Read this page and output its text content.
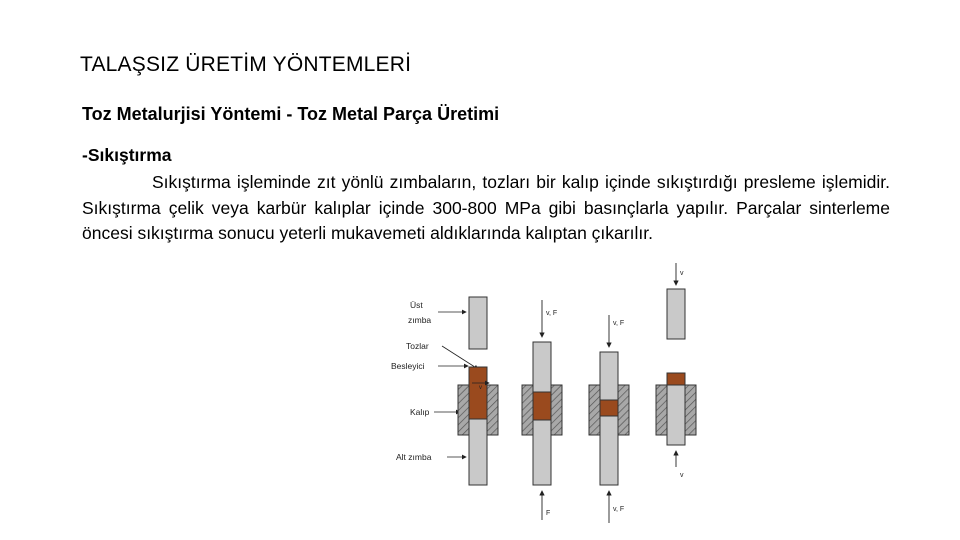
TALAŞSIZ ÜRETİM YÖNTEMLERİ
Toz Metalurjisi Yöntemi - Toz Metal Parça Üretimi
-Sıkıştırma
Sıkıştırma işleminde zıt yönlü zımbaların, tozları bir kalıp içinde sıkıştırdığı presleme işlemidir. Sıkıştırma çelik veya karbür kalıplar içinde 300-800 MPa gibi basınçlarla yapılır. Parçalar sinterleme öncesi sıkıştırma sonucu yeterli mukavemeti aldıklarında kalıptan çıkarılır.
Üst
zımba
Tozlar
Besleyici
Kalıp
Alt zımba
v
v, F
F
v, F
v, F
v
v
